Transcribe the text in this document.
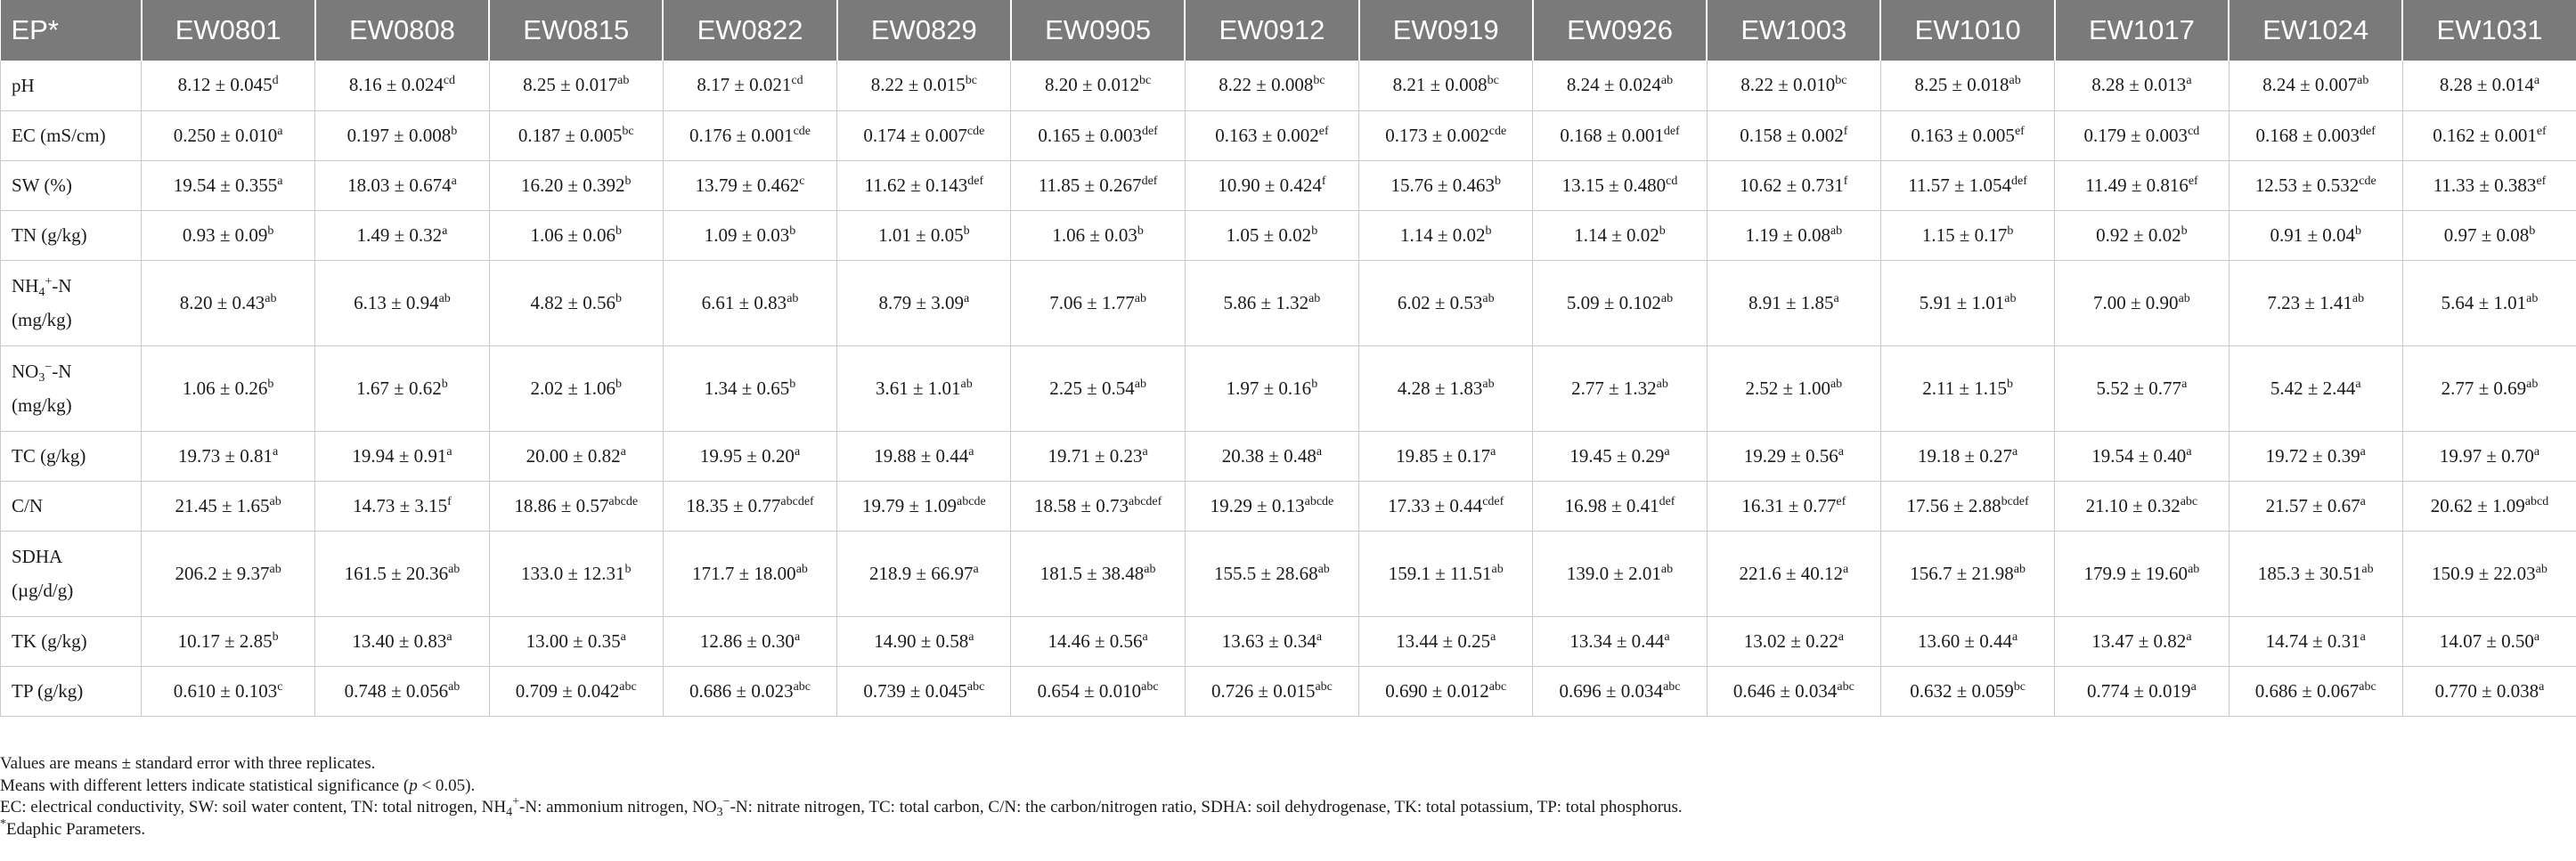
EP*	EW0801	EW0808	EW0815	EW0822	EW0829	EW0905	EW0912	EW0919	EW0926	EW1003	EW1010	EW1017	EW1024	EW1031
pH	8.12 ± 0.045$^d$	8.16 ± 0.024$^{cd}$	8.25 ± 0.017$^{ab}$	8.17 ± 0.021$^{cd}$	8.22 ± 0.015$^{bc}$	8.20 ± 0.012$^{bc}$	8.22 ± 0.008$^{bc}$	8.21 ± 0.008$^{bc}$	8.24 ± 0.024$^{ab}$	8.22 ± 0.010$^{bc}$	8.25 ± 0.018$^{ab}$	8.28 ± 0.013$^a$	8.24 ± 0.007$^{ab}$	8.28 ± 0.014$^a$
EC (mS/cm)	0.250 ± 0.010$^a$	0.197 ± 0.008$^b$	0.187 ± 0.005$^{bc}$	0.176 ± 0.001$^{cde}$	0.174 ± 0.007$^{cde}$	0.165 ± 0.003$^{def}$	0.163 ± 0.002$^{ef}$	0.173 ± 0.002$^{cde}$	0.168 ± 0.001$^{def}$	0.158 ± 0.002$^f$	0.163 ± 0.005$^{ef}$	0.179 ± 0.003$^{cd}$	0.168 ± 0.003$^{def}$	0.162 ± 0.001$^{ef}$
SW (%)	19.54 ± 0.355$^a$	18.03 ± 0.674$^a$	16.20 ± 0.392$^b$	13.79 ± 0.462$^c$	11.62 ± 0.143$^{def}$	11.85 ± 0.267$^{def}$	10.90 ± 0.424$^f$	15.76 ± 0.463$^b$	13.15 ± 0.480$^{cd}$	10.62 ± 0.731$^f$	11.57 ± 1.054$^{def}$	11.49 ± 0.816$^{ef}$	12.53 ± 0.532$^{cde}$	11.33 ± 0.383$^{ef}$
TN (g/kg)	0.93 ± 0.09$^b$	1.49 ± 0.32$^a$	1.06 ± 0.06$^b$	1.09 ± 0.03$^b$	1.01 ± 0.05$^b$	1.06 ± 0.03$^b$	1.05 ± 0.02$^b$	1.14 ± 0.02$^b$	1.14 ± 0.02$^b$	1.19 ± 0.08$^{ab}$	1.15 ± 0.17$^b$	0.92 ± 0.02$^b$	0.91 ± 0.04$^b$	0.97 ± 0.08$^b$

$NH_4^+-N$
(mg/kg)	8.20 ± 0.43$^{ab}$	6.13 ± 0.94$^{ab}$	4.82 ± 0.56$^b$	6.61 ± 0.83$^{ab}$	8.79 ± 3.09$^a$	7.06 ± 1.77$^{ab}$	5.86 ± 1.32$^{ab}$	6.02 ± 0.53$^{ab}$	5.09 ± 0.102$^{ab}$	8.91 ± 1.85$^a$	5.91 ± 1.01$^{ab}$	7.00 ± 0.90$^{ab}$	7.23 ± 1.41$^{ab}$	5.64 ± 1.01$^{ab}$

$NO_3^--N$
(mg/kg)	1.06 ± 0.26$^b$	1.67 ± 0.62$^b$	2.02 ± 1.06$^b$	1.34 ± 0.65$^b$	3.61 ± 1.01$^{ab}$	2.25 ± 0.54$^{ab}$	1.97 ± 0.16$^b$	4.28 ± 1.83$^{ab}$	2.77 ± 1.32$^{ab}$	2.52 ± 1.00$^{ab}$	2.11 ± 1.15$^b$	5.52 ± 0.77$^a$	5.42 ± 2.44$^a$	2.77 ± 0.69$^{ab}$
TC (g/kg)	19.73 ± 0.81$^a$	19.94 ± 0.91$^a$	20.00 ± 0.82$^a$	19.95 ± 0.20$^a$	19.88 ± 0.44$^a$	19.71 ± 0.23$^a$	20.38 ± 0.48$^a$	19.85 ± 0.17$^a$	19.45 ± 0.29$^a$	19.29 ± 0.56$^a$	19.18 ± 0.27$^a$	19.54 ± 0.40$^a$	19.72 ± 0.39$^a$	19.97 ± 0.70$^a$
C/N	21.45 ± 1.65$^{ab}$	14.73 ± 3.15$^f$	$18.86 \pm 0.57^{abcde}$	$18.35 \pm 0.77^{abcdef}$	$19.79 \pm 1.09^{abcde}$	$18.58 \pm 0.73^{abcdef}$	$19.29 \pm 0.13^{abcde}$	$17.33 \pm 0.44^{cdef}$	16.98 ± 0.41$^{def}$	16.31 ± 0.77$^{ef}$	$17.56 \pm 2.88^{bcdef}$	21.10 ± 0.32$^{abc}$	21.57 ± 0.67$^a$	$20.62 \pm 1.09^{abcd}$

SDHA
(µg/d/g)	206.2 ± 9.37$^{ab}$	161.5 ± 20.36$^{ab}$	133.0 ± 12.31$^b$	171.7 ± 18.00$^{ab}$	218.9 ± 66.97$^a$	181.5 ± 38.48$^{ab}$	155.5 ± 28.68$^{ab}$	159.1 ± 11.51$^{ab}$	139.0 ± 2.01$^{ab}$	221.6 ± 40.12$^a$	156.7 ± 21.98$^{ab}$	179.9 ± 19.60$^{ab}$	185.3 ± 30.51$^{ab}$	150.9 ± 22.03$^{ab}$
TK (g/kg)	10.17 ± 2.85$^b$	13.40 ± 0.83$^a$	13.00 ± 0.35$^a$	12.86 ± 0.30$^a$	14.90 ± 0.58$^a$	14.46 ± 0.56$^a$	13.63 ± 0.34$^a$	13.44 ± 0.25$^a$	13.34 ± 0.44$^a$	13.02 ± 0.22$^a$	13.60 ± 0.44$^a$	13.47 ± 0.82$^a$	14.74 ± 0.31$^a$	14.07 ± 0.50$^a$
TP (g/kg)	0.610 ± 0.103$^c$	0.748 ± 0.056$^{ab}$	0.709 ± 0.042$^{abc}$	0.686 ± 0.023$^{abc}$	0.739 ± 0.045$^{abc}$	0.654 ± 0.010$^{abc}$	0.726 ± 0.015$^{abc}$	0.690 ± 0.012$^{abc}$	0.696 ± 0.034$^{abc}$	0.646 ± 0.034$^{abc}$	0.632 ± 0.059$^{bc}$	0.774 ± 0.019$^a$	0.686 ± 0.067$^{abc}$	0.770 ± 0.038$^a$
Values are means ± standard error with three replicates.
Means with different letters indicate statistical significance (p < 0.05).
EC: electrical conductivity, SW: soil water content, TN: total nitrogen, $NH_4^+-N$: ammonium nitrogen, $NO_3^--N$: nitrate nitrogen, TC: total carbon, C/N: the carbon/nitrogen ratio, SDHA: soil dehydrogenase, TK: total potassium, TP: total phosphorus.
*Edaphic Parameters.
